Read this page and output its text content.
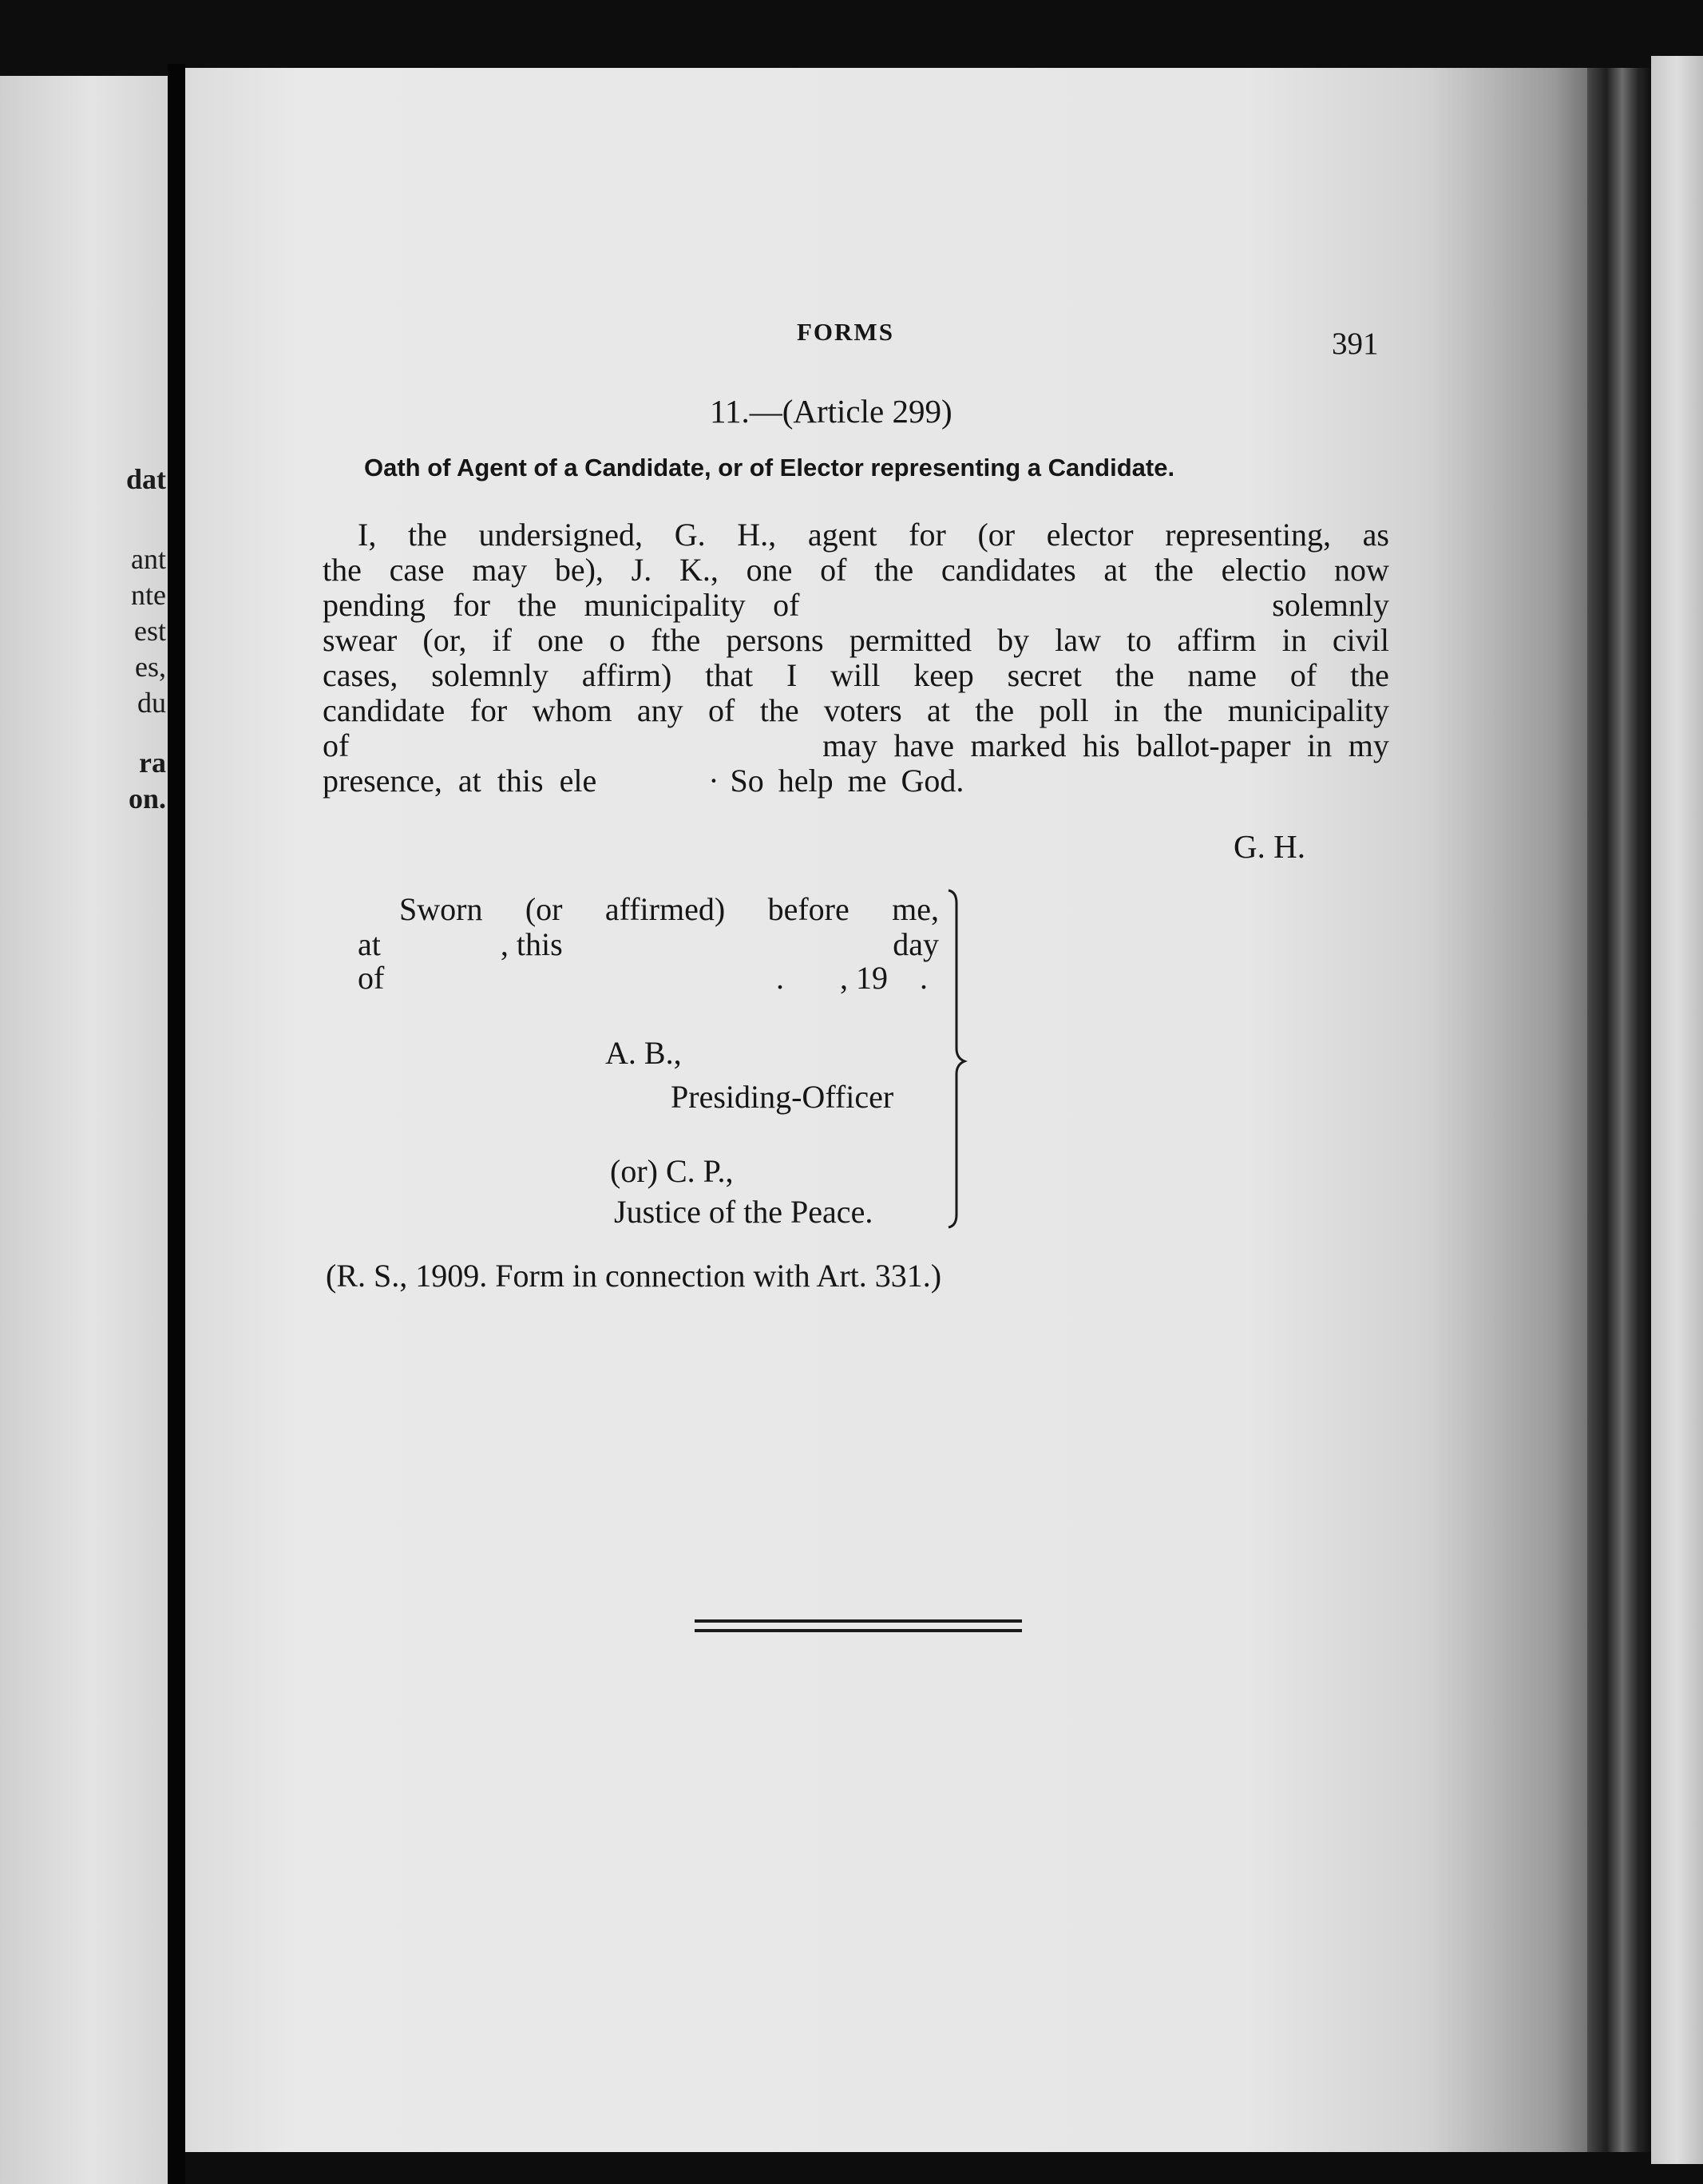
dat
ant
nte
est
es,
du
ra
on.
FORMS	391
11.—(Article 299)
Oath of Agent of a Candidate, or of Elector representing a Candidate.
I, the undersigned, G. H., agent for (or elector representing, as
the case may be), J. K., one of the candidates at the electio now
pending for the municipality of	solemnly
swear (or, if one o fthe persons permitted by law to affirm in civil
cases, solemnly affirm) that I will keep secret the name of the
candidate for whom any of the voters at the poll in the municipality
of	may have marked his ballot-paper in my
presence, at this ele	· So help me God.
G. H.
Sworn (or affirmed) before me,
at	, this	day
of	. , 19 .
A. B.,
Presiding-Officer
(or) C. P.,
Justice of the Peace.
(R. S., 1909. Form in connection with Art. 331.)
